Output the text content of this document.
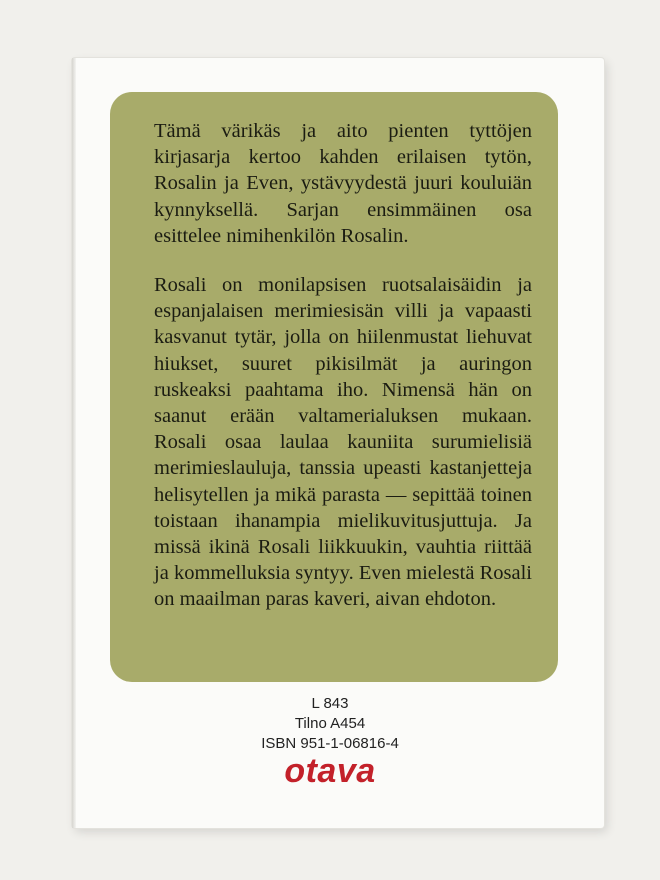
Tämä värikäs ja aito pienten tyttöjen kirjasarja kertoo kahden erilaisen tytön, Rosalin ja Even, ystävyydestä juuri kouluiän kynnyksellä. Sarjan ensimmäinen osa esittelee nimihenkilön Rosalin.

Rosali on monilapsisen ruotsalaisäidin ja espanjalaisen merimiesisän villi ja vapaasti kasvanut tytär, jolla on hiilenmustat liehuvat hiukset, suuret pikisilmät ja auringon ruskeaksi paahtama iho. Nimensä hän on saanut erään valtamerialuksen mukaan. Rosali osaa laulaa kauniita surumielisiä merimieslauluja, tanssia upeasti kastanjetteja helisytellen ja mikä parasta — sepittää toinen toistaan ihanampia mielikuvitusjuttuja. Ja missä ikinä Rosali liikkuukin, vauhtia riittää ja kommelluksia syntyy. Even mielestä Rosali on maailman paras kaveri, aivan ehdoton.

L 843
Tilno A454
ISBN 951-1-06816-4
otava
